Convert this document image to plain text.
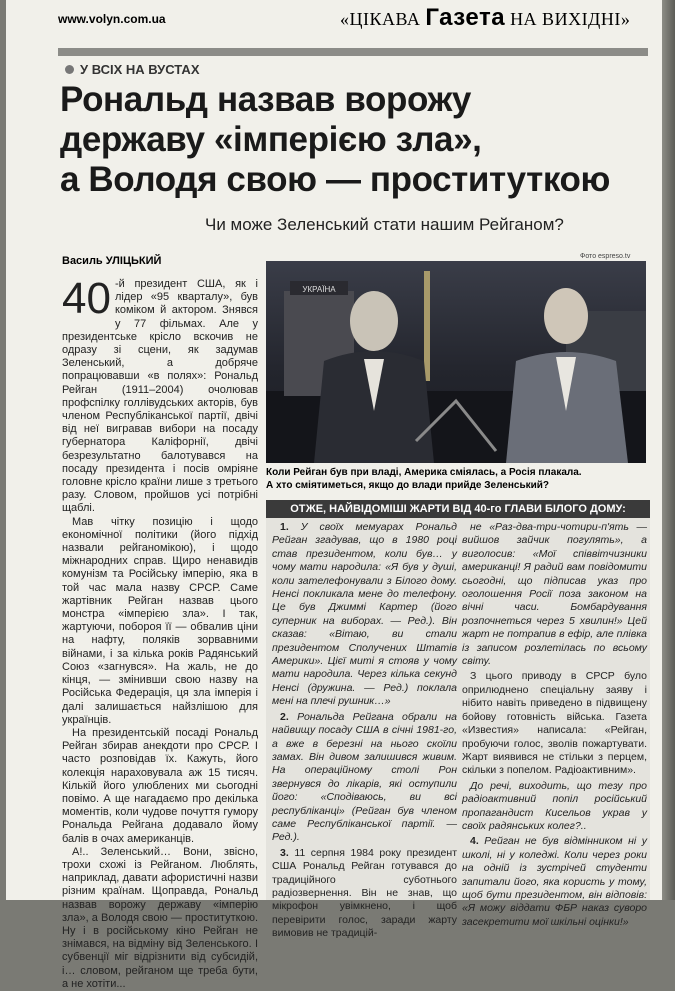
www.volyn.com.ua	«ЦІКАВА Газета НА ВИХІДНІ»
У ВСІХ НА ВУСТАХ
Рональд назвав ворожу
державу «імперією зла»,
а Володя свою — проституткою
Чи може Зеленський стати нашим Рейганом?
Василь УЛІЦЬКИЙ	Фото espreso.tv

40 -й президент США, як і лідер «95 кварталу», був коміком й актором. Знявся у 77 фільмах. Але у президентське крісло вскочив не одразу зі сцени, як задумав Зеленський, а добряче попрацювавши «в полях»: Рональд Рейган (1911–2004) очолював профспілку голлівудських акторів, був членом Республіканської партії, двічі від неї вигравав вибори на посаду губернатора Каліфорнії, двічі безрезультатно балотувався на посаду президента і посів омріяне головне крісло країни лише з третього разу. Словом, пройшов усі потрібні щаблі.

Мав чітку позицію і щодо економічної політики (його підхід назвали рейганомікою), і щодо міжнародних справ. Щиро ненавидів комунізм та Російську імперію, яка в той час мала назву СРСР. Саме жартівник Рейган назвав цього монстра «імперією зла». І так, жартуючи, побороя її — обвалив ціни на нафту, поляків зорвавними війнами, і за кілька років Радянський Союз «загнувся». На жаль, не до кінця, — змінивши свою назву на Російська Федерація, ця зла імперія і далі залишається найзлішою для українців.

На президентській посаді Рональд Рейган збирав анекдоти про СРСР. І часто розповідав їх. Кажуть, його колекція нараховувала аж 15 тисяч. Кількій його улюблених ми сьогодні повімо. А ще нагадаємо про декілька моментів, коли чудове почуття гумору Рональда Рейгана додавало йому балів в очах американців.

А!.. Зеленський… Вони, звісно, трохи схожі із Рейганом. Люблять, наприклад, давати афористичні назви різним країнам. Щоправда, Рональд назвав ворожу державу «імперію зла», а Володя свою — проституткою. Ну і в російському кіно Рейган не знімався, на відміну від Зеленського. І субвенції міг відрізнити від субсидій, і… словом, рейганом ще треба бути, а не хотіти...

УКРАЇНА
Коли Рейган був при владі, Америка сміялась, а Росія плакала.
А хто сміятиметься, якщо до влади прийде Зеленський?
ОТЖЕ, НАЙВІДОМІШІ ЖАРТИ ВІД 40-го ГЛАВИ БІЛОГО ДОМУ:

1. У своїх мемуарах Рональд Рейган згадував, що в 1980 році став президентом, коли був… у чому мати народила: «Я був у душі, коли зателефонували з Білого дому. Ненсі покликала мене до телефону. Це був Джиммі Картер (його суперник на виборах. — Ред.). Він сказав: «Вітаю, ви стали президентом Сполучених Штатів Америки». Цієї миті я стояв у чому мати народила. Через кілька секунд Ненсі (дружина. — Ред.) поклала мені на плечі рушник…»

2. Рональда Рейгана обрали на найвищу посаду США в січні 1981-го, а вже в березні на нього скоїли замах. Він дивом залишився живим. На операційному столі Рон звернувся до лікарів, які оступили його: «Сподіваюсь, ви всі республіканці» (Рейган був членом саме Республіканської партії. — Ред.).

3. 11 серпня 1984 року президент США Рональд Рейган готувався до традиційного суботнього радіозвернення. Він не знав, що мікрофон увімкнено, і щоб перевірити голос, заради жарту вимовив не традицій-

не «Раз-два-три-чотири-п'ять — вийшов зайчик погулять», а виголосив: «Мої співвітчизники американці! Я радий вам повідомити сьогодні, що підписав указ про оголошення Росії поза законом на вічні часи. Бомбардування розпочнеться через 5 хвилин!» Цей жарт не потрапив в ефір, але плівка із записом розлетілась по всьому світу.

З цього приводу в СРСР було оприлюднено спеціальну заяву і нібито навіть приведено в підвищену бойову готовність війська. Газета «Известия» написала: «Рейган, пробуючи голос, зволів пожартувати. Жарт виявився не стільки з перцем, скільки з попелом. Радіоактивним».

До речі, виходить, що тезу про радіоактивний попіл російський пропагандист Кисельов украв у своїх радянських колег?..

4. Рейган не був відмінником ні у школі, ні у коледжі. Коли через роки на одній із зустрічей студенти запитали його, яка користь у тому, щоб бути президентом, він відповів: «Я можу віддати ФБР наказ суворо засекретити мої шкільні оцінки!»
